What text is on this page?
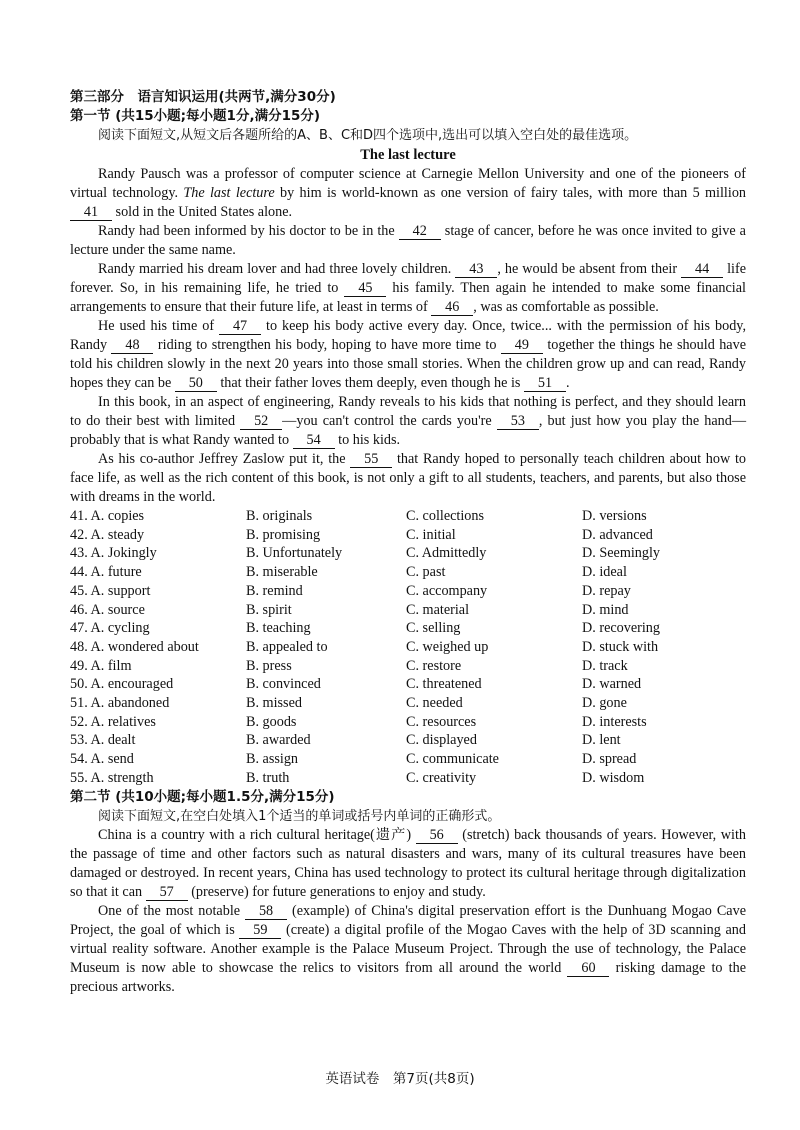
第三部分　语言知识运用(共两节,满分30分)
第一节 (共15小题;每小题1分,满分15分)
阅读下面短文,从短文后各题所给的A、B、C和D四个选项中,选出可以填入空白处的最佳选项。
The last lecture

Randy Pausch was a professor of computer science at Carnegie Mellon University and one of the pioneers of virtual technology. The last lecture by him is world-known as one version of fairy tales, with more than 5 million 41 sold in the United States alone.

Randy had been informed by his doctor to be in the 42 stage of cancer, before he was once invited to give a lecture under the same name.

Randy married his dream lover and had three lovely children. 43 , he would be absent from their 44 life forever. So, in his remaining life, he tried to 45 his family. Then again he intended to make some financial arrangements to ensure that their future life, at least in terms of 46 , was as comfortable as possible.

He used his time of 47 to keep his body active every day. Once, twice... with the permission of his body, Randy 48 riding to strengthen his body, hoping to have more time to 49 together the things he should have told his children slowly in the next 20 years into those small stories. When the children grow up and can read, Randy hopes they can be 50 that their father loves them deeply, even though he is 51 .

In this book, in an aspect of engineering, Randy reveals to his kids that nothing is perfect, and they should learn to do their best with limited 52 —you can't control the cards you're 53 , but just how you play the hand—probably that is what Randy wanted to 54 to his kids.

As his co-author Jeffrey Zaslow put it, the 55 that Randy hoped to personally teach children about how to face life, as well as the rich content of this book, is not only a gift to all students, teachers, and parents, but also those with dreams in the world.

41. A. copies	B. originals	C. collections	D. versions
42. A. steady	B. promising	C. initial	D. advanced
43. A. Jokingly	B. Unfortunately	C. Admittedly	D. Seemingly
44. A. future	B. miserable	C. past	D. ideal
45. A. support	B. remind	C. accompany	D. repay
46. A. source	B. spirit	C. material	D. mind
47. A. cycling	B. teaching	C. selling	D. recovering
48. A. wondered about	B. appealed to	C. weighed up	D. stuck with
49. A. film	B. press	C. restore	D. track
50. A. encouraged	B. convinced	C. threatened	D. warned
51. A. abandoned	B. missed	C. needed	D. gone
52. A. relatives	B. goods	C. resources	D. interests
53. A. dealt	B. awarded	C. displayed	D. lent
54. A. send	B. assign	C. communicate	D. spread
55. A. strength	B. truth	C. creativity	D. wisdom
第二节 (共10小题;每小题1.5分,满分15分)
阅读下面短文,在空白处填入1个适当的单词或括号内单词的正确形式。

China is a country with a rich cultural heritage(遗产) 56 (stretch) back thousands of years. However, with the passage of time and other factors such as natural disasters and wars, many of its cultural treasures have been damaged or destroyed. In recent years, China has used technology to protect its cultural heritage through digitalization so that it can 57 (preserve) for future generations to enjoy and study.

One of the most notable 58 (example) of China's digital preservation effort is the Dunhuang Mogao Cave Project, the goal of which is 59 (create) a digital profile of the Mogao Caves with the help of 3D scanning and virtual reality software. Another example is the Palace Museum Project. Through the use of technology, the Palace Museum is now able to showcase the relics to visitors from all around the world 60 risking damage to the precious artworks.

英语试卷　第7页(共8页)
